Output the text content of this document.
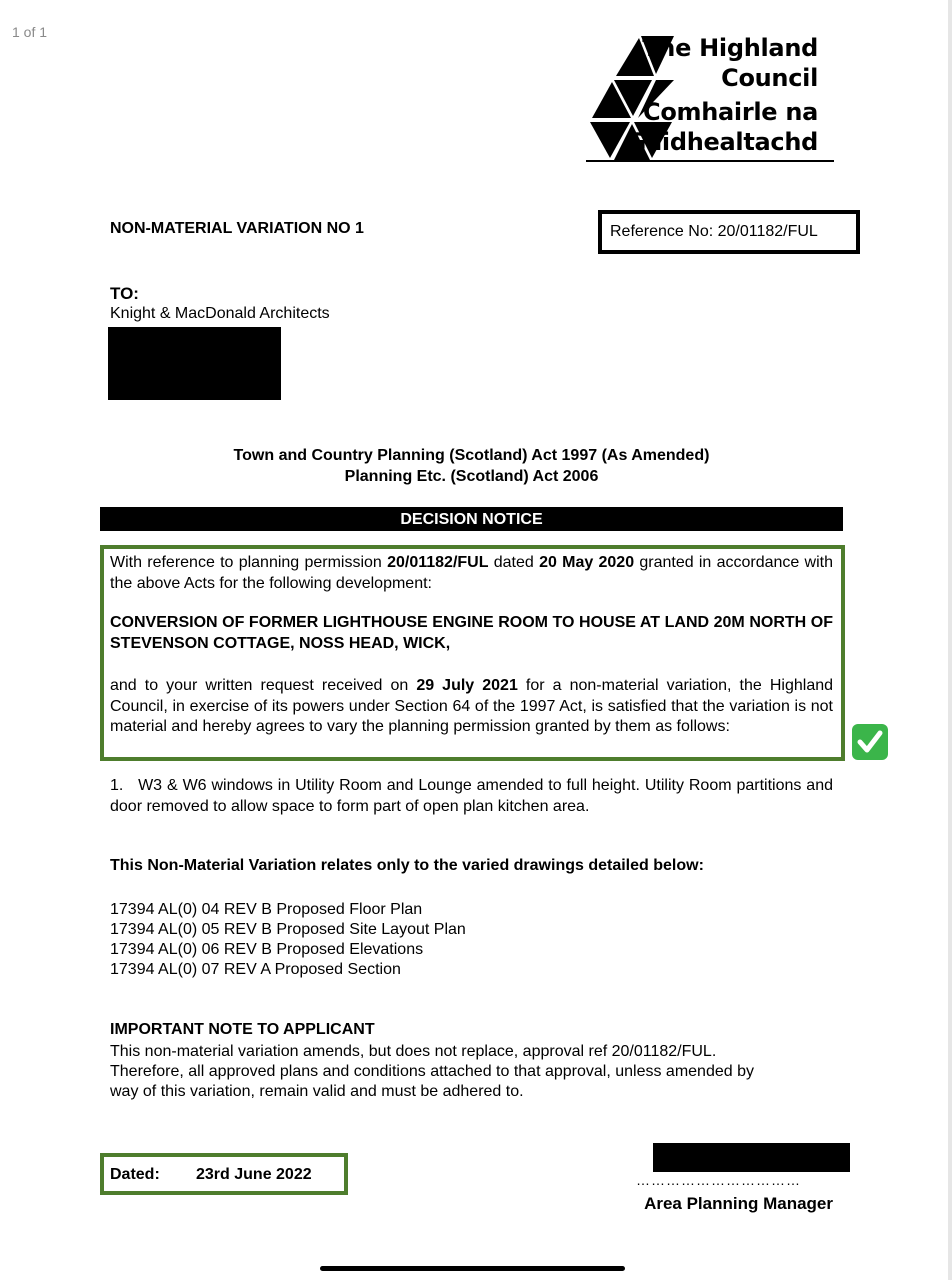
1 of 1
The Highland
Council
Comhairle na
Gàidhealtachd
NON-MATERIAL VARIATION NO 1	Reference No: 20/01182/FUL
TO:
Knight & MacDonald Architects
Town and Country Planning (Scotland) Act 1997 (As Amended)
Planning Etc. (Scotland) Act 2006
DECISION NOTICE
With reference to planning permission 20/01182/FUL dated 20 May 2020 granted in accordance with the above Acts for the following development:
CONVERSION OF FORMER LIGHTHOUSE ENGINE ROOM TO HOUSE AT LAND 20M NORTH OF STEVENSON COTTAGE, NOSS HEAD, WICK,
and to your written request received on 29 July 2021 for a non-material variation, the Highland Council, in exercise of its powers under Section 64 of the 1997 Act, is satisfied that the variation is not material and hereby agrees to vary the planning permission granted by them as follows:
1.   W3 & W6 windows in Utility Room and Lounge amended to full height. Utility Room partitions and door removed to allow space to form part of open plan kitchen area.
This Non-Material Variation relates only to the varied drawings detailed below:
17394 AL(0) 04 REV B Proposed Floor Plan
17394 AL(0) 05 REV B Proposed Site Layout Plan
17394 AL(0) 06 REV B Proposed Elevations
17394 AL(0) 07 REV A Proposed Section
IMPORTANT NOTE TO APPLICANT
This non-material variation amends, but does not replace, approval ref 20/01182/FUL.
Therefore, all approved plans and conditions attached to that approval, unless amended by
way of this variation, remain valid and must be adhered to.
Dated: 23rd June 2022	……………………………
Area Planning Manager
